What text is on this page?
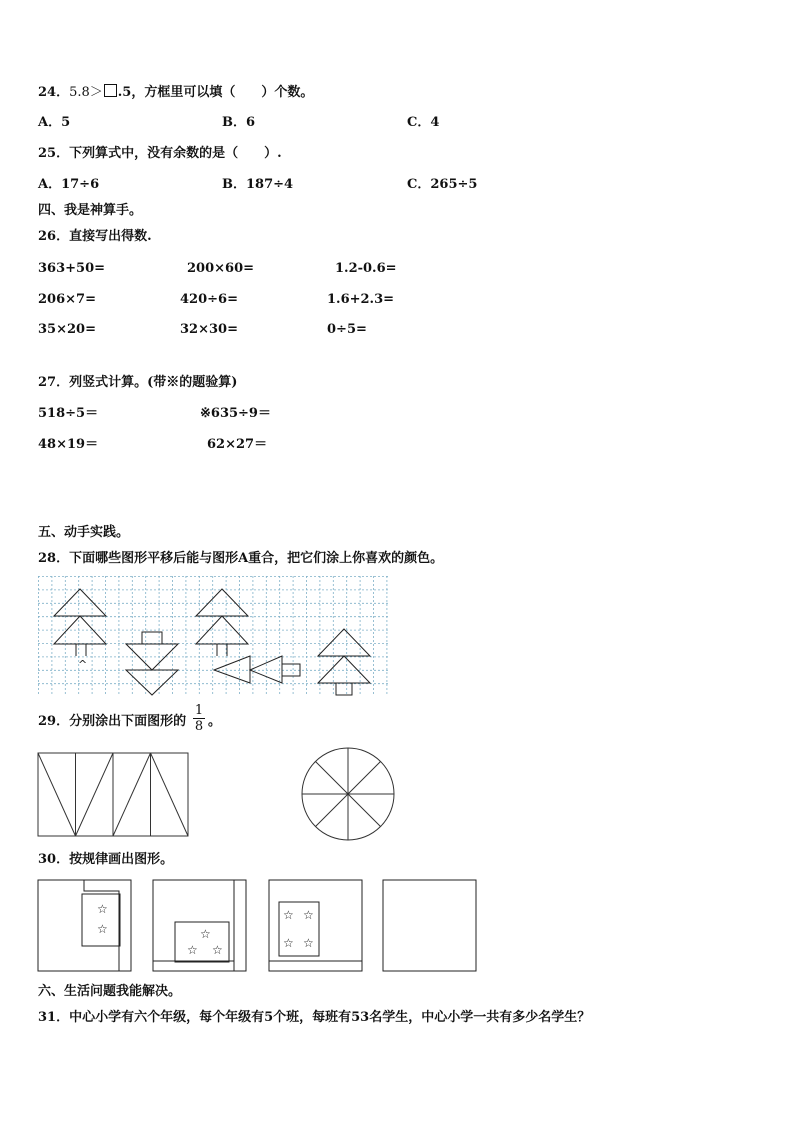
24．5.8＞ .5，方框里可以填（　　）个数。
A．5	B．6	C．4
25．下列算式中，没有余数的是（　　）.
A．17÷6	B．187÷4	C．265÷5
四、我是神算手。
26．直接写出得数.
363+50=	200×60=	1.2-0.6=
206×7=	420÷6=	1.6+2.3=
35×20=	32×30=	0÷5=
27．列竖式计算。(带※的题验算)
518÷5＝	※635÷9＝
48×19＝	62×27＝
五、动手实践。
28．下面哪些图形平移后能与图形A重合，把它们涂上你喜欢的颜色。
^
29．分别涂出下面图形的 $\frac{1}{8}$ 。
30．按规律画出图形。
☆
☆	☆
☆ ☆
☆ ☆
☆ ☆
六、生活问题我能解决。
31．中心小学有六个年级，每个年级有5个班，每班有53名学生，中心小学一共有多少名学生？
